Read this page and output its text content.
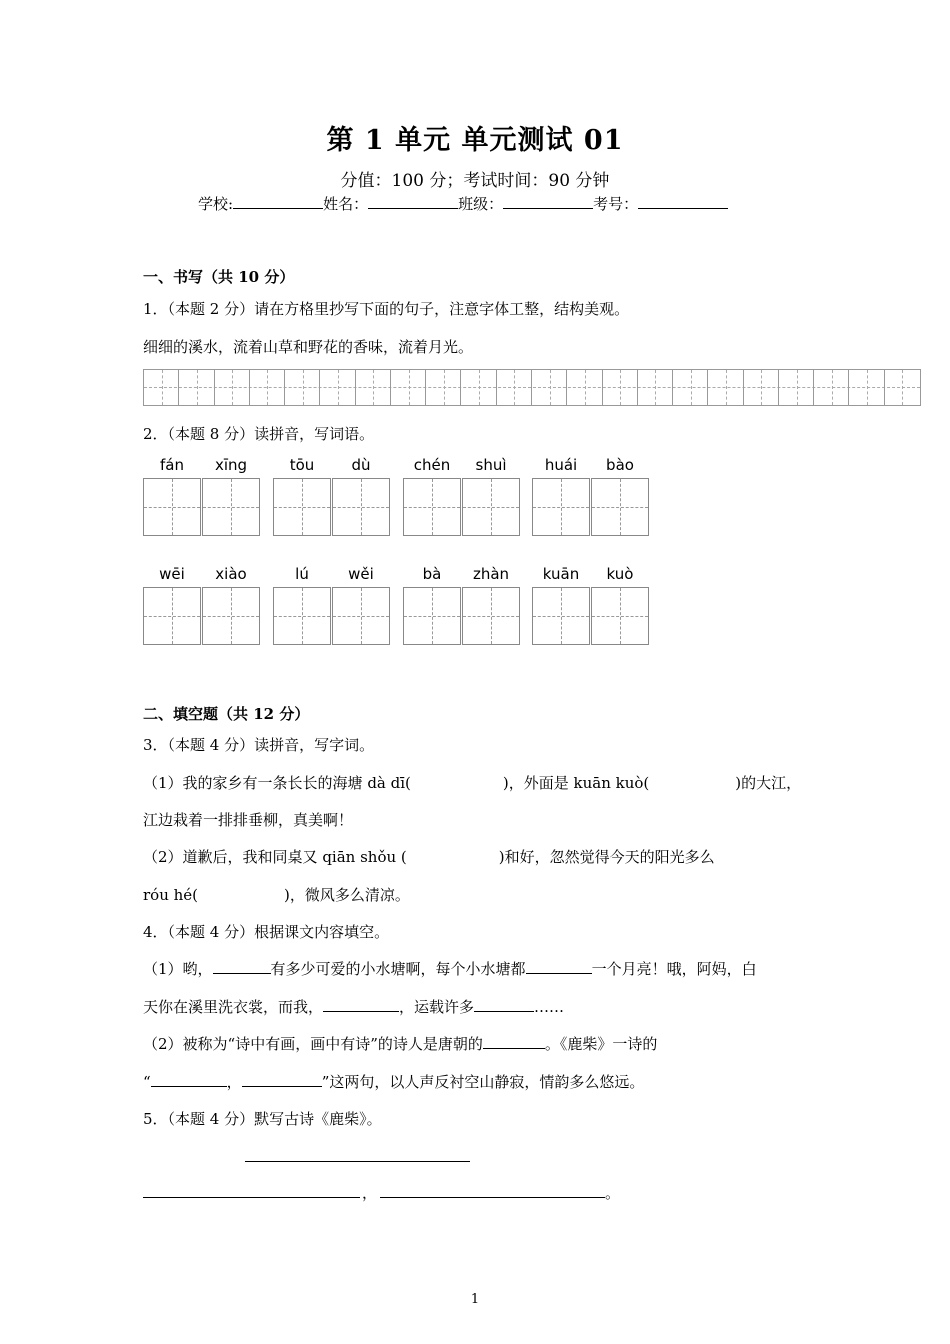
第 1 单元 单元测试 01
分值：100 分；考试时间：90 分钟
学校:	姓名：	班级：	考号：
一、书写（共 10 分）
1．（本题 2 分）请在方格里抄写下面的句子，注意字体工整，结构美观。
细细的溪水，流着山草和野花的香味，流着月光。
2．（本题 8 分）读拼音，写词语。
fán	xīng	tōu	dù	chén	shuì	huái	bào
wēi	xiào	lú	wěi	bà	zhàn	kuān	kuò
二、填空题（共 12 分）
3．（本题 4 分）读拼音，写字词。
（1）我的家乡有一条长长的海塘 dà dī(	)，外面是 kuān kuò(	)的大江，
江边栽着一排排垂柳，真美啊！
（2）道歉后，我和同桌又 qiān shǒu (	)和好，忽然觉得今天的阳光多么
róu hé(	)，微风多么清凉。
4．（本题 4 分）根据课文内容填空。
（1）哟，	有多少可爱的小水塘啊，每个小水塘都	一个月亮！哦，阿妈，白
天你在溪里洗衣裳，而我，	，运载许多	……
（2）被称为“诗中有画，画中有诗”的诗人是唐朝的	。《鹿柴》一诗的
“	，	”这两句，以人声反衬空山静寂，情韵多么悠远。
5．（本题 4 分）默写古诗《鹿柴》。
，	。
1
